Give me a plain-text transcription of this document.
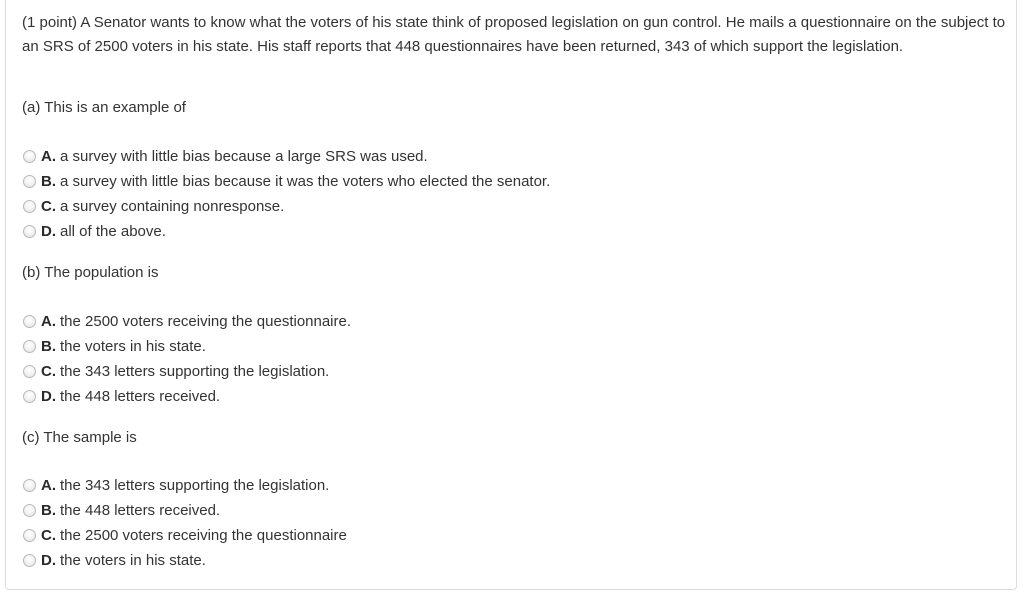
(1 point) A Senator wants to know what the voters of his state think of proposed legislation on gun control. He mails a questionnaire on the subject to an SRS of 2500 voters in his state. His staff reports that 448 questionnaires have been returned, 343 of which support the legislation.

(a) This is an example of

A. a survey with little bias because a large SRS was used.
B. a survey with little bias because it was the voters who elected the senator.
C. a survey containing nonresponse.
D. all of the above.

(b) The population is

A. the 2500 voters receiving the questionnaire.
B. the voters in his state.
C. the 343 letters supporting the legislation.
D. the 448 letters received.

(c) The sample is

A. the 343 letters supporting the legislation.
B. the 448 letters received.
C. the 2500 voters receiving the questionnaire
D. the voters in his state.
